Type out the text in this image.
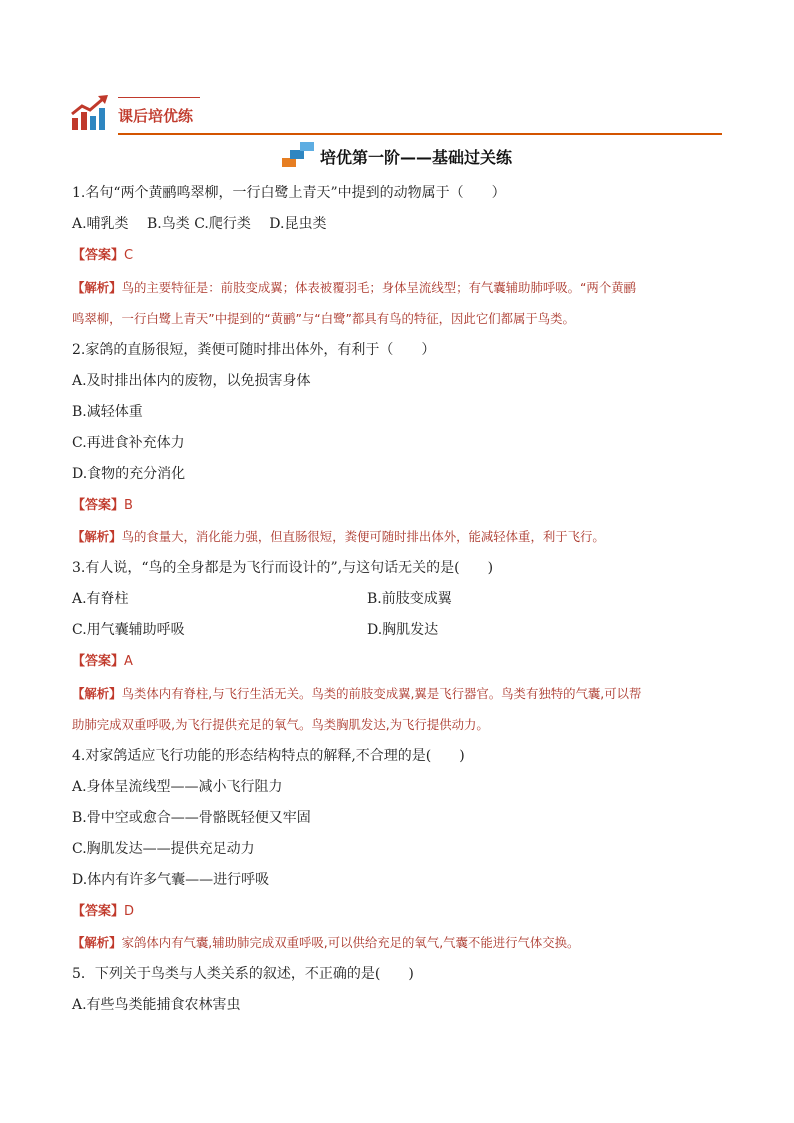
课后培优练
培优第一阶——基础过关练
1.名句“两个黄鹂鸣翠柳，一行白鹭上青天”中提到的动物属于（　　）
A.哺乳类　 B.鸟类 C.爬行类　 D.昆虫类
【答案】C
【解析】鸟的主要特征是：前肢变成翼；体表被覆羽毛；身体呈流线型；有气囊辅助肺呼吸。“两个黄鹂
鸣翠柳，一行白鹭上青天”中提到的“黄鹂”与“白鹭”都具有鸟的特征，因此它们都属于鸟类。
2.家鸽的直肠很短，粪便可随时排出体外，有利于（　　）
A.及时排出体内的废物，以免损害身体
B.减轻体重
C.再进食补充体力
D.食物的充分消化
【答案】B
【解析】鸟的食量大，消化能力强，但直肠很短，粪便可随时排出体外，能减轻体重，利于飞行。
3.有人说，“鸟的全身都是为飞行而设计的”,与这句话无关的是(　　)
A.有脊柱	B.前肢变成翼
C.用气囊辅助呼吸	D.胸肌发达
【答案】A
【解析】鸟类体内有脊柱,与飞行生活无关。鸟类的前肢变成翼,翼是飞行器官。鸟类有独特的气囊,可以帮
助肺完成双重呼吸,为飞行提供充足的氧气。鸟类胸肌发达,为飞行提供动力。
4.对家鸽适应飞行功能的形态结构特点的解释,不合理的是(　　)
A.身体呈流线型——减小飞行阻力
B.骨中空或愈合——骨骼既轻便又牢固
C.胸肌发达——提供充足动力
D.体内有许多气囊——进行呼吸
【答案】D
【解析】家鸽体内有气囊,辅助肺完成双重呼吸,可以供给充足的氧气,气囊不能进行气体交换。
5．下列关于鸟类与人类关系的叙述，不正确的是(　　)
A.有些鸟类能捕食农林害虫
